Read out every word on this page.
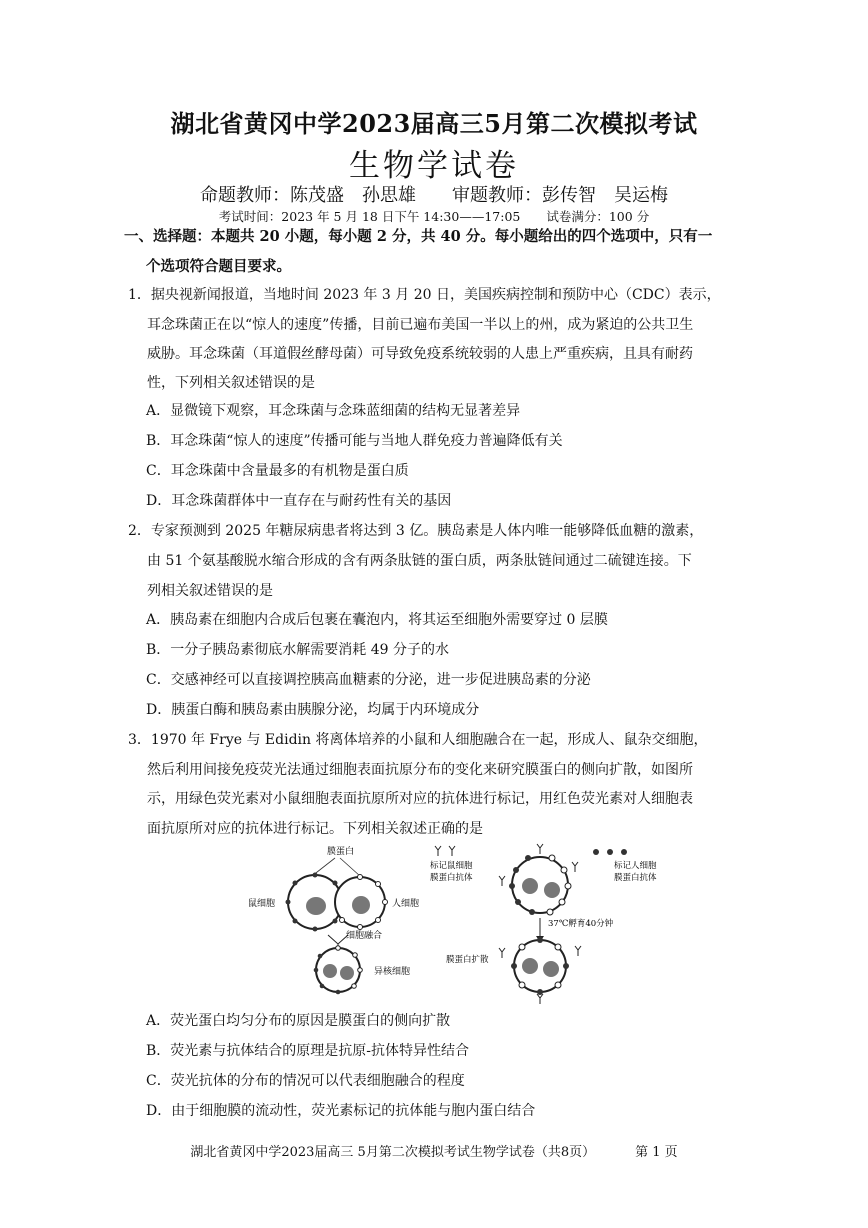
湖北省黄冈中学2023届高三5月第二次模拟考试
生物学试卷
命题教师：陈茂盛　孙思雄　　审题教师：彭传智　吴运梅
考试时间：2023 年 5 月 18 日下午 14:30——17:05 试卷满分：100 分
一、选择题：本题共 20 小题，每小题 2 分，共 40 分。每小题给出的四个选项中，只有一
个选项符合题目要求。
1．据央视新闻报道，当地时间 2023 年 3 月 20 日，美国疾病控制和预防中心（CDC）表示，
耳念珠菌正在以“惊人的速度”传播，目前已遍布美国一半以上的州，成为紧迫的公共卫生
威胁。耳念珠菌（耳道假丝酵母菌）可导致免疫系统较弱的人患上严重疾病，且具有耐药
性，下列相关叙述错误的是
A．显微镜下观察，耳念珠菌与念珠蓝细菌的结构无显著差异
B．耳念珠菌“惊人的速度”传播可能与当地人群免疫力普遍降低有关
C．耳念珠菌中含量最多的有机物是蛋白质
D．耳念珠菌群体中一直存在与耐药性有关的基因
2．专家预测到 2025 年糖尿病患者将达到 3 亿。胰岛素是人体内唯一能够降低血糖的激素，
由 51 个氨基酸脱水缩合形成的含有两条肽链的蛋白质，两条肽链间通过二硫键连接。下
列相关叙述错误的是
A．胰岛素在细胞内合成后包裹在囊泡内，将其运至细胞外需要穿过 0 层膜
B．一分子胰岛素彻底水解需要消耗 49 分子的水
C．交感神经可以直接调控胰高血糖素的分泌，进一步促进胰岛素的分泌
D．胰蛋白酶和胰岛素由胰腺分泌，均属于内环境成分
3．1970 年 Frye 与 Edidin 将离体培养的小鼠和人细胞融合在一起，形成人、鼠杂交细胞，
然后利用间接免疫荧光法通过细胞表面抗原分布的变化来研究膜蛋白的侧向扩散，如图所
示，用绿色荧光素对小鼠细胞表面抗原所对应的抗体进行标记，用红色荧光素对人细胞表
面抗原所对应的抗体进行标记。下列相关叙述正确的是
膜蛋白
鼠细胞	人细胞
细胞融合
异核细胞
标记鼠细胞
膜蛋白抗体
标记人细胞
膜蛋白抗体
37℃孵育40分钟
膜蛋白扩散
A．荧光蛋白均匀分布的原因是膜蛋白的侧向扩散
B．荧光素与抗体结合的原理是抗原-抗体特异性结合
C．荧光抗体的分布的情况可以代表细胞融合的程度
D．由于细胞膜的流动性，荧光素标记的抗体能与胞内蛋白结合
湖北省黄冈中学2023届高三 5月第二次模拟考试生物学试卷（共8页）	第 1 页
